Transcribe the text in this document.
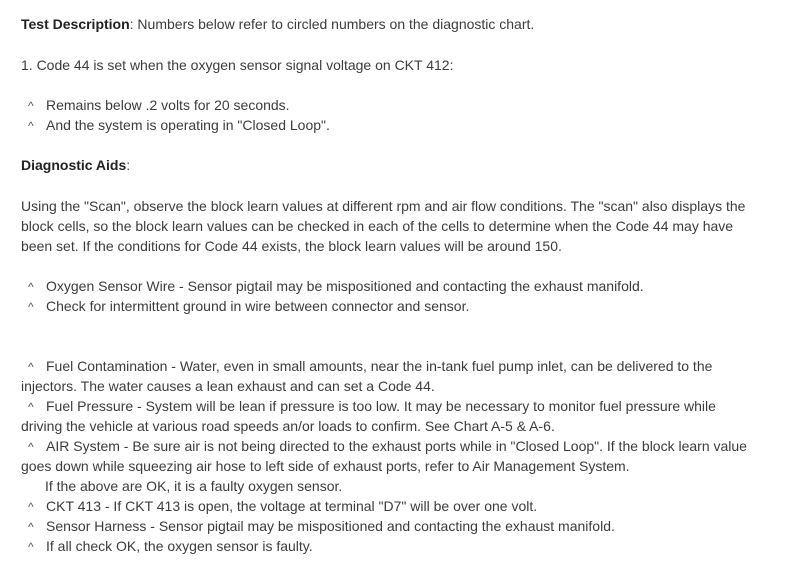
Test Description: Numbers below refer to circled numbers on the diagnostic chart.
1. Code 44 is set when the oxygen sensor signal voltage on CKT 412:
^ Remains below .2 volts for 20 seconds.
^ And the system is operating in "Closed Loop".
Diagnostic Aids:
Using the "Scan", observe the block learn values at different rpm and air flow conditions. The "scan" also displays the
block cells, so the block learn values can be checked in each of the cells to determine when the Code 44 may have
been set. If the conditions for Code 44 exists, the block learn values will be around 150.
^ Oxygen Sensor Wire - Sensor pigtail may be mispositioned and contacting the exhaust manifold.
^ Check for intermittent ground in wire between connector and sensor.
^ Fuel Contamination - Water, even in small amounts, near the in-tank fuel pump inlet, can be delivered to the
injectors. The water causes a lean exhaust and can set a Code 44.
^ Fuel Pressure - System will be lean if pressure is too low. It may be necessary to monitor fuel pressure while
driving the vehicle at various road speeds an/or loads to confirm. See Chart A-5 & A-6.
^ AIR System - Be sure air is not being directed to the exhaust ports while in "Closed Loop". If the block learn value
goes down while squeezing air hose to left side of exhaust ports, refer to Air Management System.
If the above are OK, it is a faulty oxygen sensor.
^ CKT 413 - If CKT 413 is open, the voltage at terminal "D7" will be over one volt.
^ Sensor Harness - Sensor pigtail may be mispositioned and contacting the exhaust manifold.
^ If all check OK, the oxygen sensor is faulty.
